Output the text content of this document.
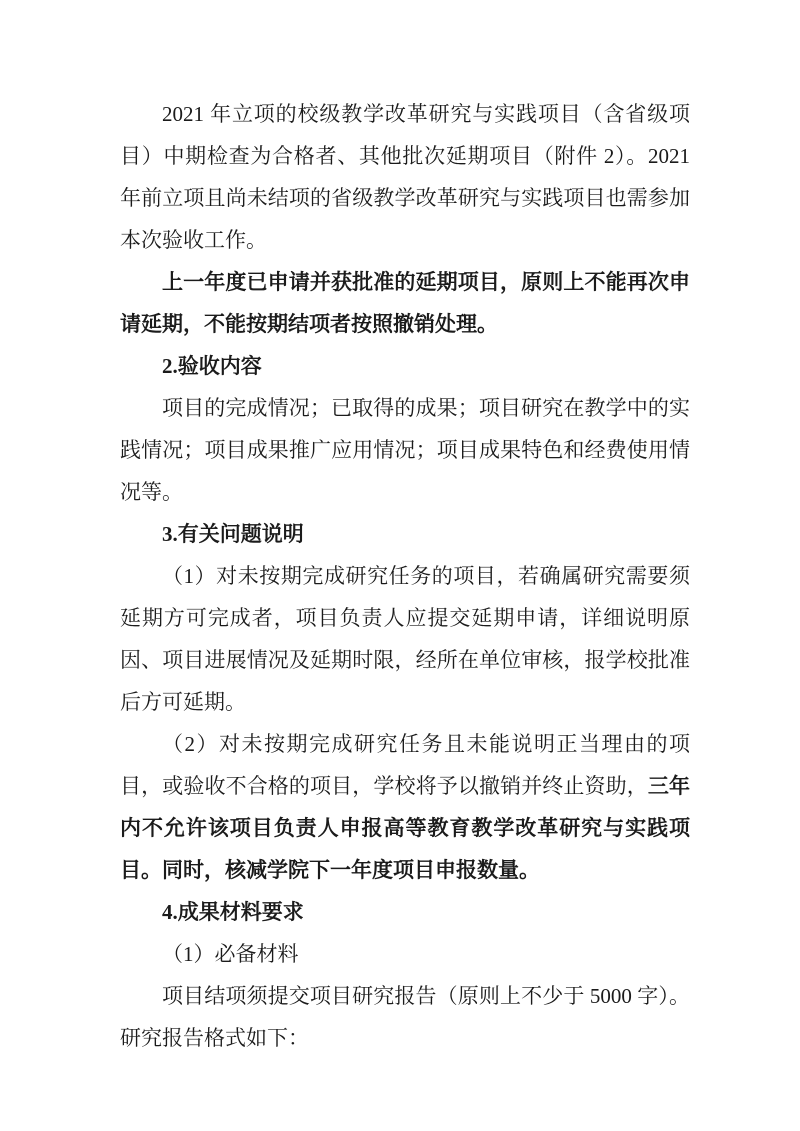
2021 年立项的校级教学改革研究与实践项目（含省级项目）中期检查为合格者、其他批次延期项目（附件 2）。2021 年前立项且尚未结项的省级教学改革研究与实践项目也需参加本次验收工作。

上一年度已申请并获批准的延期项目，原则上不能再次申请延期，不能按期结项者按照撤销处理。

2.验收内容

项目的完成情况；已取得的成果；项目研究在教学中的实践情况；项目成果推广应用情况；项目成果特色和经费使用情况等。

3.有关问题说明

（1）对未按期完成研究任务的项目，若确属研究需要须延期方可完成者，项目负责人应提交延期申请，详细说明原因、项目进展情况及延期时限，经所在单位审核，报学校批准后方可延期。

（2）对未按期完成研究任务且未能说明正当理由的项目，或验收不合格的项目，学校将予以撤销并终止资助，三年内不允许该项目负责人申报高等教育教学改革研究与实践项目。同时，核减学院下一年度项目申报数量。

4.成果材料要求

（1）必备材料

项目结项须提交项目研究报告（原则上不少于 5000 字）。研究报告格式如下：
